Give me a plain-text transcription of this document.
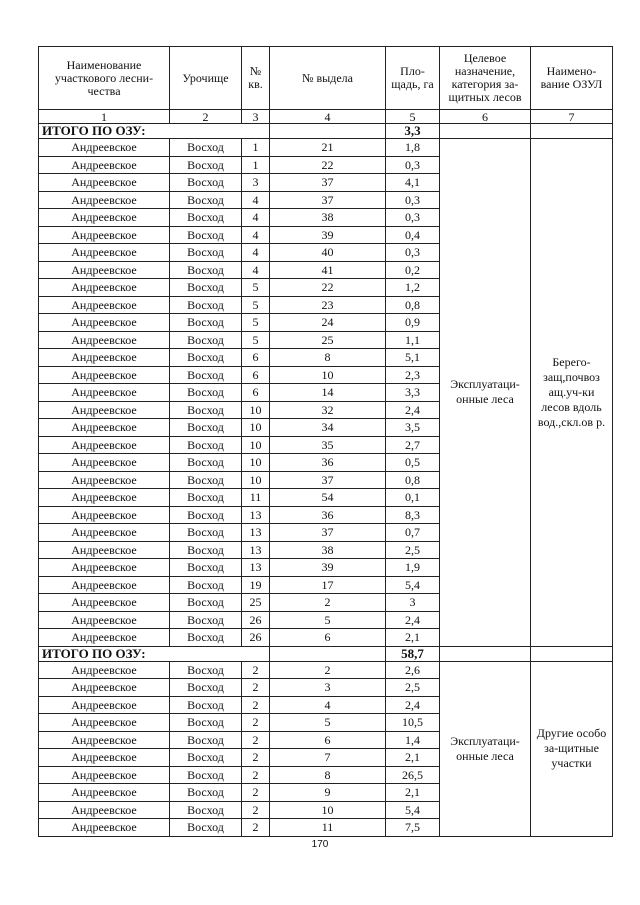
Наименование участкового лесни-чества	Урочище	№ кв.	№ выдела	Пло-щадь, га	Целевое назначение, категория за-щитных лесов	Наимено-вание ОЗУЛ
1	2	3	4	5	6	7
ИТОГО ПО ОЗУ:				3,3		
Андреевское	Восход	1	21	1,8	Эксплуатаци-онные леса	Берего-защ,почвоз ащ.уч-ки лесов вдоль вод.,скл.ов р.
Андреевское	Восход	1	22	0,3		
Андреевское	Восход	3	37	4,1		
Андреевское	Восход	4	37	0,3		
Андреевское	Восход	4	38	0,3		
Андреевское	Восход	4	39	0,4		
Андреевское	Восход	4	40	0,3		
Андреевское	Восход	4	41	0,2		
Андреевское	Восход	5	22	1,2		
Андреевское	Восход	5	23	0,8		
Андреевское	Восход	5	24	0,9		
Андреевское	Восход	5	25	1,1		
Андреевское	Восход	6	8	5,1		
Андреевское	Восход	6	10	2,3		
Андреевское	Восход	6	14	3,3		
Андреевское	Восход	10	32	2,4		
Андреевское	Восход	10	34	3,5		
Андреевское	Восход	10	35	2,7		
Андреевское	Восход	10	36	0,5		
Андреевское	Восход	10	37	0,8		
Андреевское	Восход	11	54	0,1		
Андреевское	Восход	13	36	8,3		
Андреевское	Восход	13	37	0,7		
Андреевское	Восход	13	38	2,5		
Андреевское	Восход	13	39	1,9		
Андреевское	Восход	19	17	5,4		
Андреевское	Восход	25	2	3		
Андреевское	Восход	26	5	2,4		
Андреевское	Восход	26	6	2,1		
ИТОГО ПО ОЗУ:				58,7		
Андреевское	Восход	2	2	2,6	Эксплуатаци-онные леса	Другие особо за-щитные участки
Андреевское	Восход	2	3	2,5		
Андреевское	Восход	2	4	2,4		
Андреевское	Восход	2	5	10,5		
Андреевское	Восход	2	6	1,4		
Андреевское	Восход	2	7	2,1		
Андреевское	Восход	2	8	26,5		
Андреевское	Восход	2	9	2,1		
Андреевское	Восход	2	10	5,4		
Андреевское	Восход	2	11	7,5		
170
